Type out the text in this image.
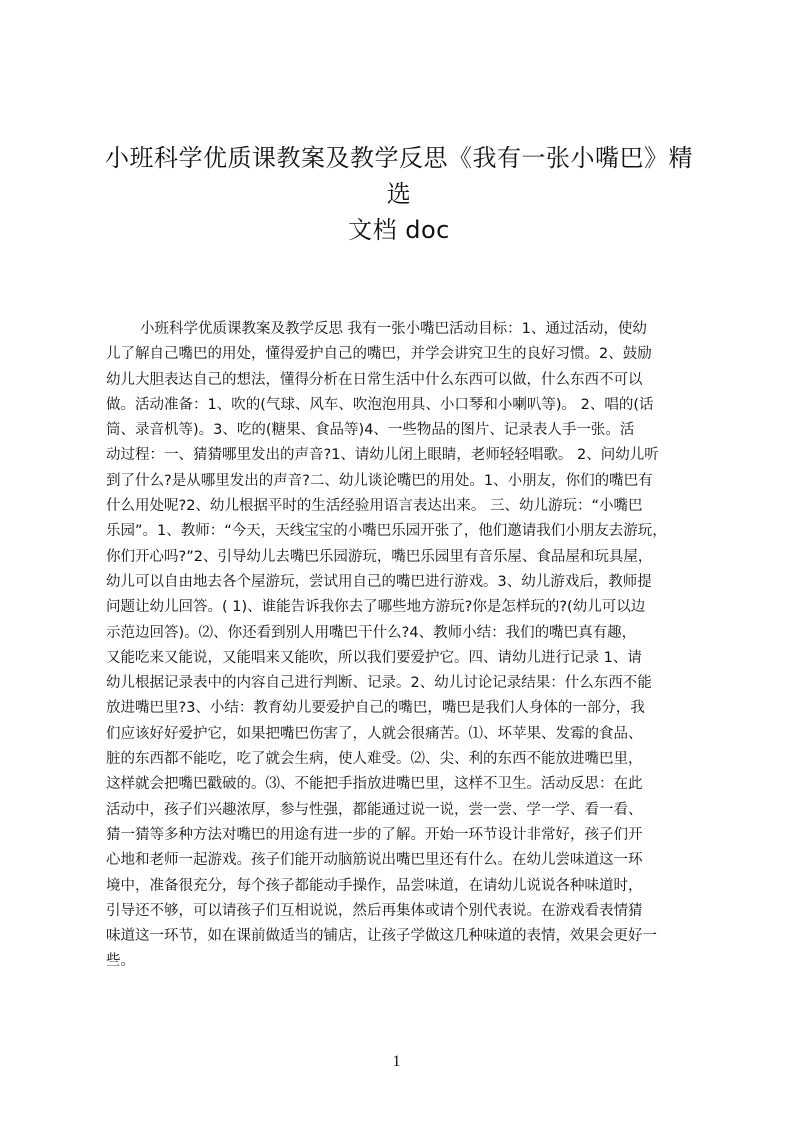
小班科学优质课教案及教学反思《我有一张小嘴巴》精选
文档 doc
小班科学优质课教案及教学反思 我有一张小嘴巴活动目标：1、通过活动，使幼
儿了解自己嘴巴的用处，懂得爱护自己的嘴巴，并学会讲究卫生的良好习惯。2、鼓励
幼儿大胆表达自己的想法，懂得分析在日常生活中什么东西可以做，什么东西不可以
做。活动准备：1、吹的(气球、风车、吹泡泡用具、小口琴和小喇叭等)。 2、唱的(话
筒、录音机等)。3、吃的(糖果、食品等)4、一些物品的图片、记录表人手一张。活
动过程：一、猜猜哪里发出的声音?1、请幼儿闭上眼睛，老师轻轻唱歌。 2、问幼儿听
到了什么?是从哪里发出的声音?二、幼儿谈论嘴巴的用处。1、小朋友，你们的嘴巴有
什么用处呢?2、幼儿根据平时的生活经验用语言表达出来。 三、幼儿游玩：“小嘴巴
乐园”。1、教师：“今天，天线宝宝的小嘴巴乐园开张了，他们邀请我们小朋友去游玩，
你们开心吗?”2、引导幼儿去嘴巴乐园游玩，嘴巴乐园里有音乐屋、食品屋和玩具屋，
幼儿可以自由地去各个屋游玩，尝试用自己的嘴巴进行游戏。3、幼儿游戏后，教师提
问题让幼儿回答。( 1)、谁能告诉我你去了哪些地方游玩?你是怎样玩的?(幼儿可以边
示范边回答)。⑵、你还看到别人用嘴巴干什么?4、教师小结：我们的嘴巴真有趣，
又能吃来又能说，又能唱来又能吹，所以我们要爱护它。四、请幼儿进行记录 1、请
幼儿根据记录表中的内容自己进行判断、记录。2、幼儿讨论记录结果：什么东西不能
放进嘴巴里?3、小结：教育幼儿要爱护自己的嘴巴，嘴巴是我们人身体的一部分，我
们应该好好爱护它，如果把嘴巴伤害了，人就会很痛苦。⑴、坏苹果、发霉的食品、
脏的东西都不能吃，吃了就会生病，使人难受。⑵、尖、利的东西不能放进嘴巴里，
这样就会把嘴巴戳破的。⑶、不能把手指放进嘴巴里，这样不卫生。活动反思：在此
活动中，孩子们兴趣浓厚，参与性强，都能通过说一说，尝一尝、学一学、看一看、
猜一猜等多种方法对嘴巴的用途有进一步的了解。开始一环节设计非常好，孩子们开
心地和老师一起游戏。孩子们能开动脑筋说出嘴巴里还有什么。在幼儿尝味道这一环
境中，准备很充分，每个孩子都能动手操作，品尝味道，在请幼儿说说各种味道时，
引导还不够，可以请孩子们互相说说，然后再集体或请个别代表说。在游戏看表情猜
味道这一环节，如在课前做适当的铺店，让孩子学做这几种味道的表情，效果会更好一
些。
1
